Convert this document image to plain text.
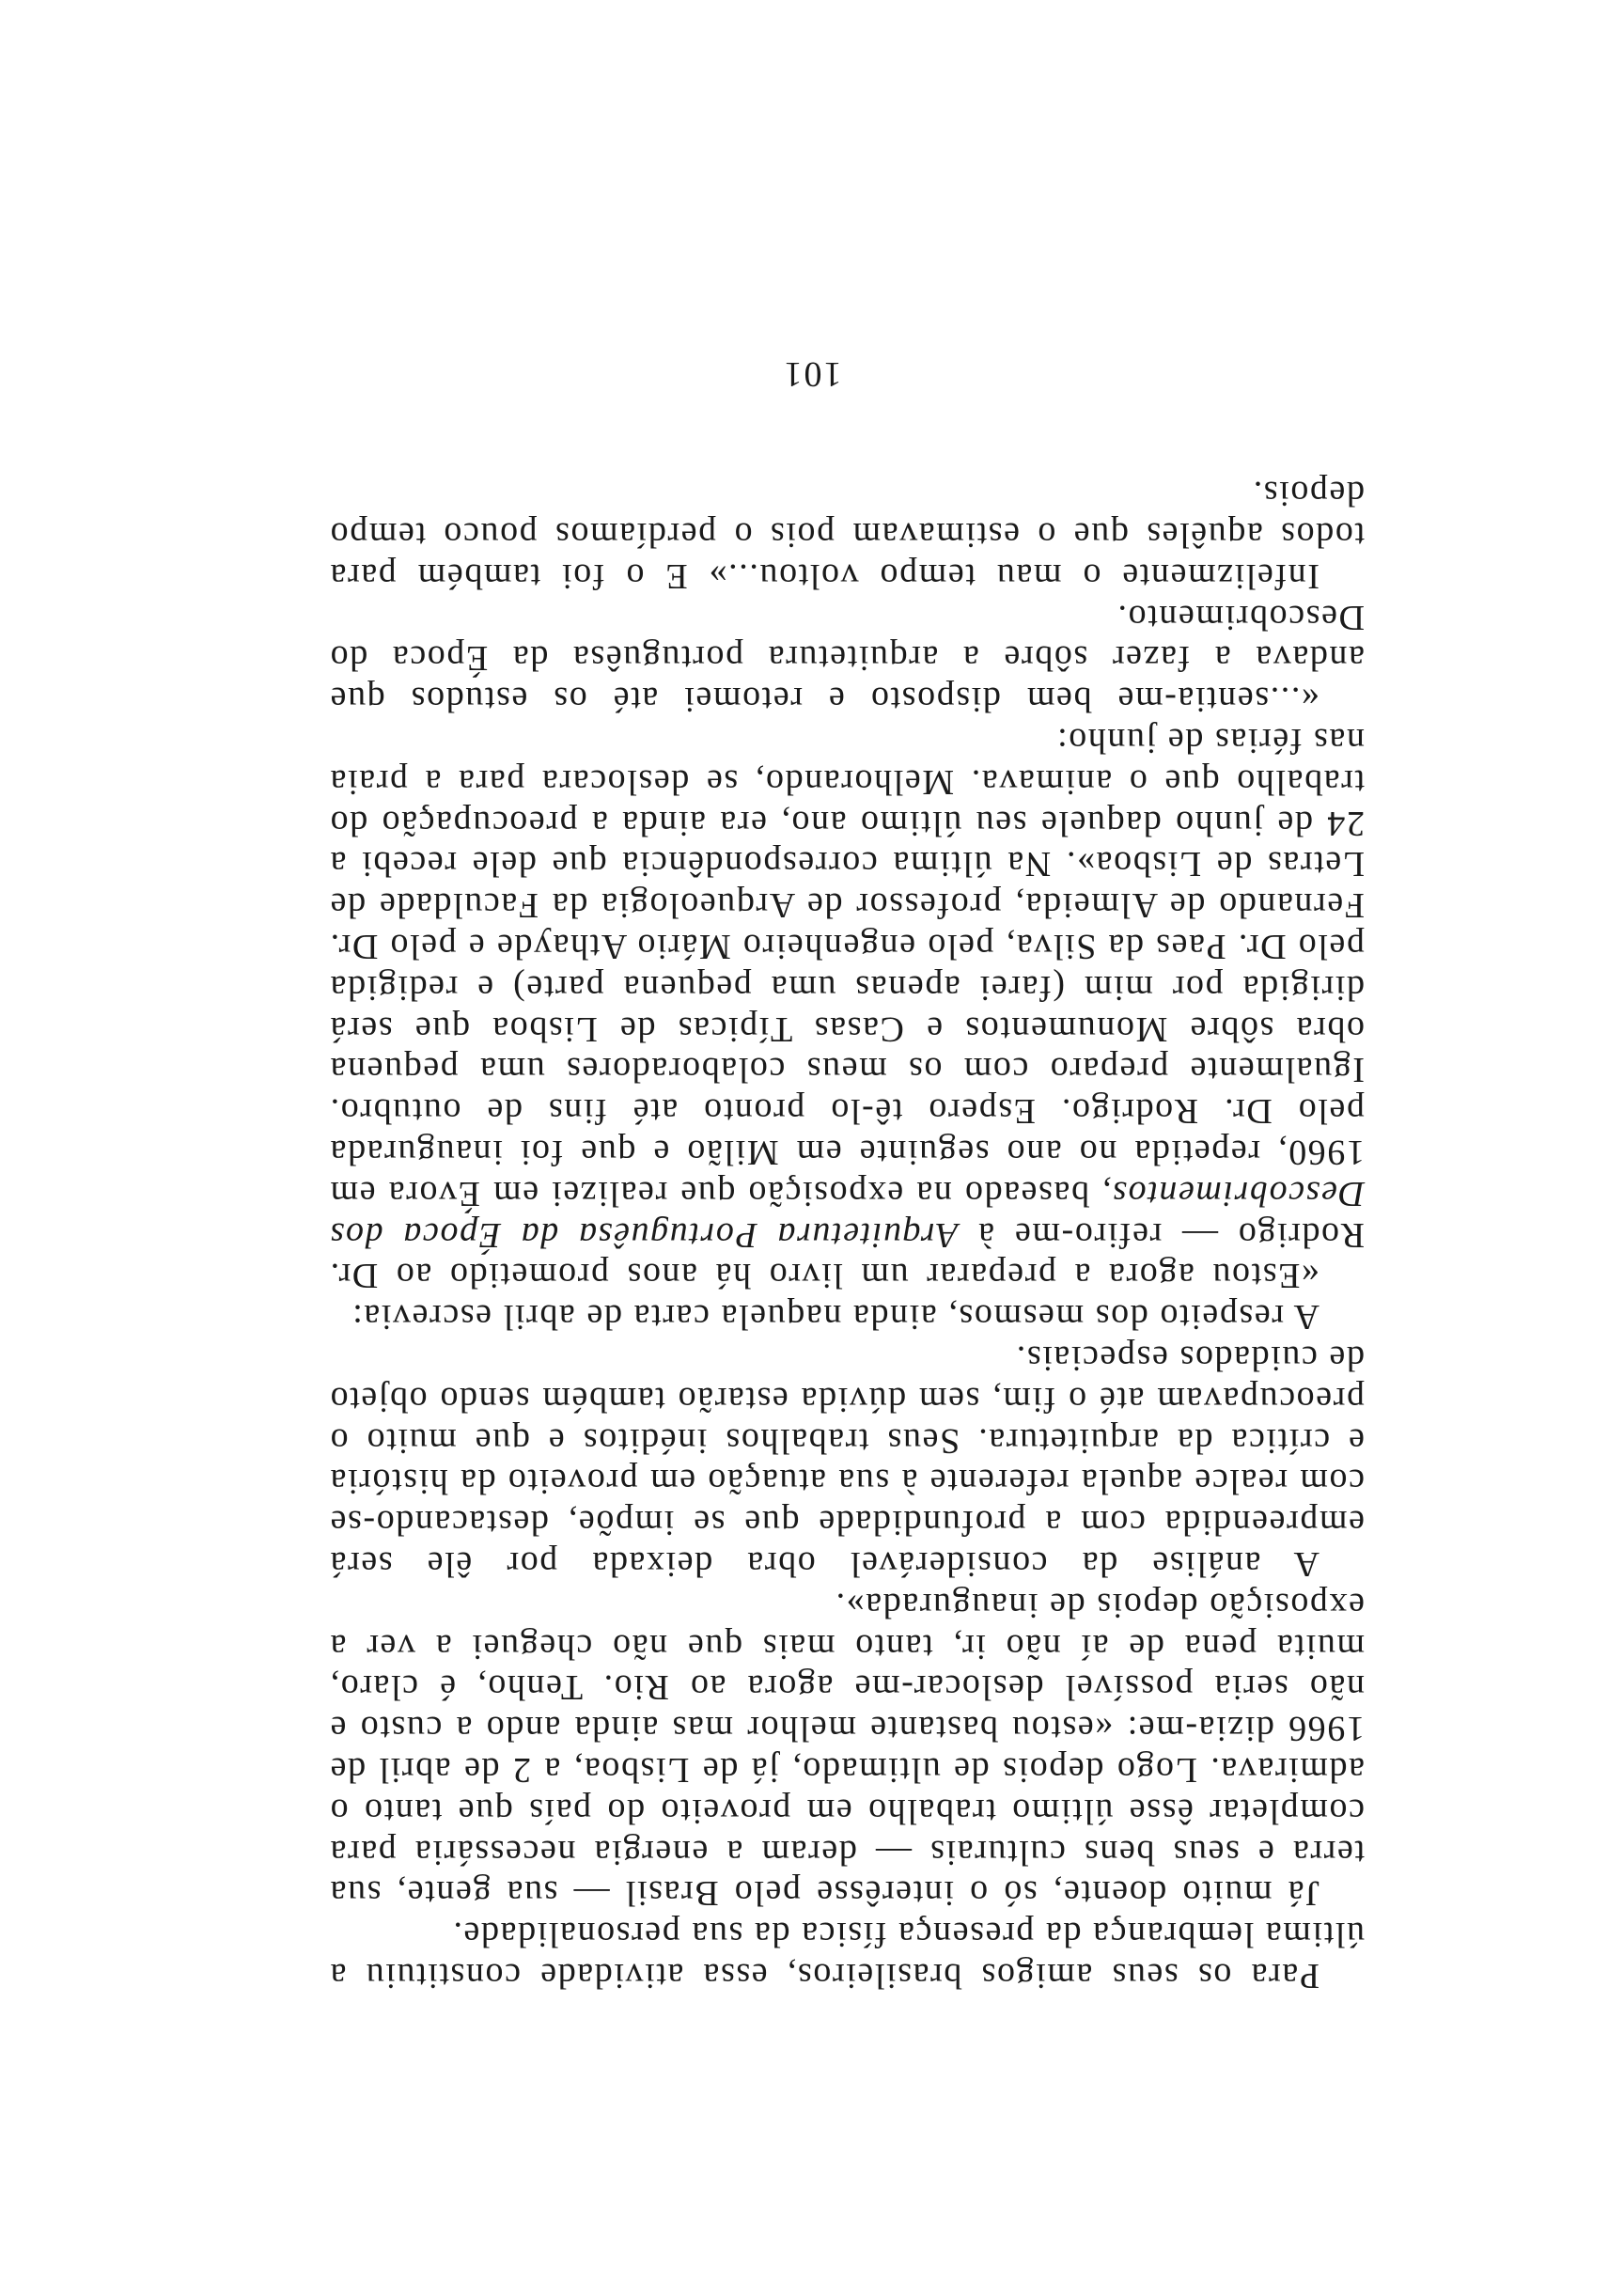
Para os seus amigos brasileiros, essa atividade constituiu a última lembrança da presença física da sua personalidade.

Já muito doente, só o interêsse pelo Brasil — sua gente, sua terra e seus bens culturais — deram a energia necessária para completar êsse último trabalho em proveito do país que tanto o admirava. Logo depois de ultimado, já de Lisboa, a 2 de abril de 1966 dizia-me: «estou bastante melhor mas ainda ando a custo e não seria possível deslocar-me agora ao Rio. Tenho, é claro, muita pena de aí não ir, tanto mais que não cheguei a ver a exposição depois de inaugurada».

A análise da considerável obra deixada por êle será empreendida com a profundidade que se impõe, destacando-se com realce aquela referente à sua atuação em proveito da história e crítica da arquitetura. Seus trabalhos inéditos e que muito o preocupavam até o fim, sem dúvida estarão também sendo objeto de cuidados especiais.

A respeito dos mesmos, ainda naquela carta de abril escrevia:

«Estou agora a preparar um livro há anos prometido ao Dr. Rodrigo — refiro-me à Arquitetura Portuguêsa da Época dos Descobrimentos, baseado na exposição que realizei em Évora em 1960, repetida no ano seguinte em Milão e que foi inaugurada pelo Dr. Rodrigo. Espero tê-lo pronto até fins de outubro. Igualmente preparo com os meus colaboradores uma pequena obra sôbre Monumentos e Casas Típicas de Lisboa que será dirigida por mim (farei apenas uma pequena parte) e redigida pelo Dr. Paes da Silva, pelo engenheiro Mário Athayde e pelo Dr. Fernando de Almeida, professor de Arqueologia da Faculdade de Letras de Lisboa». Na última correspondência que dele recebi a 24 de junho daquele seu último ano, era ainda a preocupação do trabalho que o animava. Melhorando, se deslocara para a praia nas férias de junho:

«...sentia-me bem disposto e retomei até os estudos que andava a fazer sôbre a arquitetura portuguêsa da Época do Descobrimento.

Infelizmente o mau tempo voltou...» E o foi também para todos aquêles que o estimavam pois o perdíamos pouco tempo depois.

101
